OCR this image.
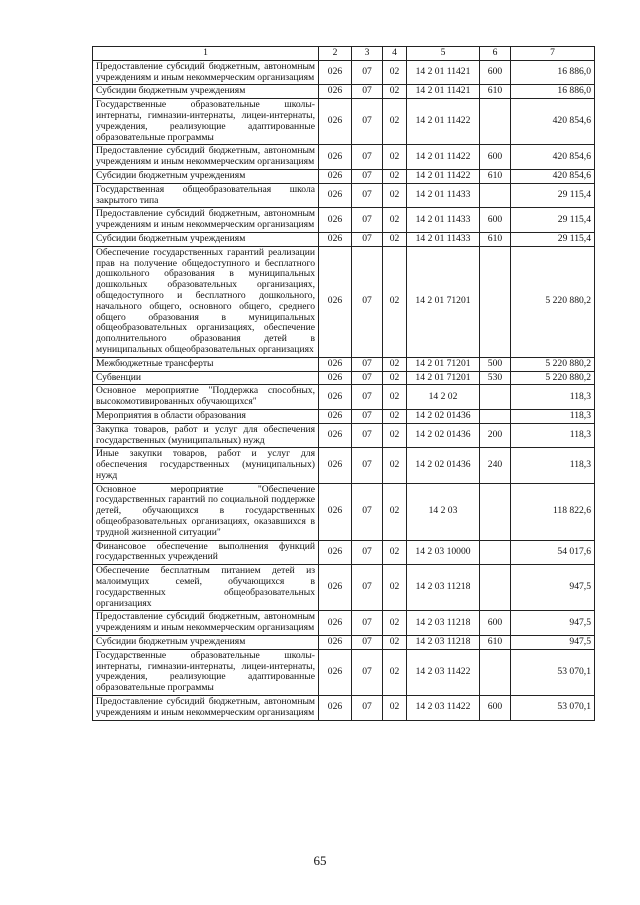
1	2	3	4	5	6	7
Предоставление субсидий бюджетным, автономным учреждениям и иным некоммерческим организациям	026	07	02	14 2 01 11421	600	16 886,0
Субсидии бюджетным учреждениям	026	07	02	14 2 01 11421	610	16 886,0
Государственные образовательные школы-интернаты, гимназии-интернаты, лицеи-интернаты, учреждения, реализующие адаптированные образовательные программы	026	07	02	14 2 01 11422		420 854,6
Предоставление субсидий бюджетным, автономным учреждениям и иным некоммерческим организациям	026	07	02	14 2 01 11422	600	420 854,6
Субсидии бюджетным учреждениям	026	07	02	14 2 01 11422	610	420 854,6
Государственная общеобразовательная школа закрытого типа	026	07	02	14 2 01 11433		29 115,4
Предоставление субсидий бюджетным, автономным учреждениям и иным некоммерческим организациям	026	07	02	14 2 01 11433	600	29 115,4
Субсидии бюджетным учреждениям	026	07	02	14 2 01 11433	610	29 115,4
Обеспечение государственных гарантий реализации прав на получение общедоступного и бесплатного дошкольного образования в муниципальных дошкольных образовательных организациях, общедоступного и бесплатного дошкольного, начального общего, основного общего, среднего общего образования в муниципальных общеобразовательных организациях, обеспечение дополнительного образования детей в муниципальных общеобразовательных организациях	026	07	02	14 2 01 71201		5 220 880,2
Межбюджетные трансферты	026	07	02	14 2 01 71201	500	5 220 880,2
Субвенции	026	07	02	14 2 01 71201	530	5 220 880,2
Основное мероприятие "Поддержка способных, высокомотивированных обучающихся"	026	07	02	14 2 02		118,3
Мероприятия в области образования	026	07	02	14 2 02 01436		118,3
Закупка товаров, работ и услуг для обеспечения государственных (муниципальных) нужд	026	07	02	14 2 02 01436	200	118,3
Иные закупки товаров, работ и услуг для обеспечения государственных (муниципальных) нужд	026	07	02	14 2 02 01436	240	118,3
Основное мероприятие "Обеспечение государственных гарантий по социальной поддержке детей, обучающихся в государственных общеобразовательных организациях, оказавшихся в трудной жизненной ситуации"	026	07	02	14 2 03		118 822,6
Финансовое обеспечение выполнения функций государственных учреждений	026	07	02	14 2 03 10000		54 017,6
Обеспечение бесплатным питанием детей из малоимущих семей, обучающихся в государственных общеобразовательных организациях	026	07	02	14 2 03 11218		947,5
Предоставление субсидий бюджетным, автономным учреждениям и иным некоммерческим организациям	026	07	02	14 2 03 11218	600	947,5
Субсидии бюджетным учреждениям	026	07	02	14 2 03 11218	610	947,5
Государственные образовательные школы-интернаты, гимназии-интернаты, лицеи-интернаты, учреждения, реализующие адаптированные образовательные программы	026	07	02	14 2 03 11422		53 070,1
Предоставление субсидий бюджетным, автономным учреждениям и иным некоммерческим организациям	026	07	02	14 2 03 11422	600	53 070,1
65
